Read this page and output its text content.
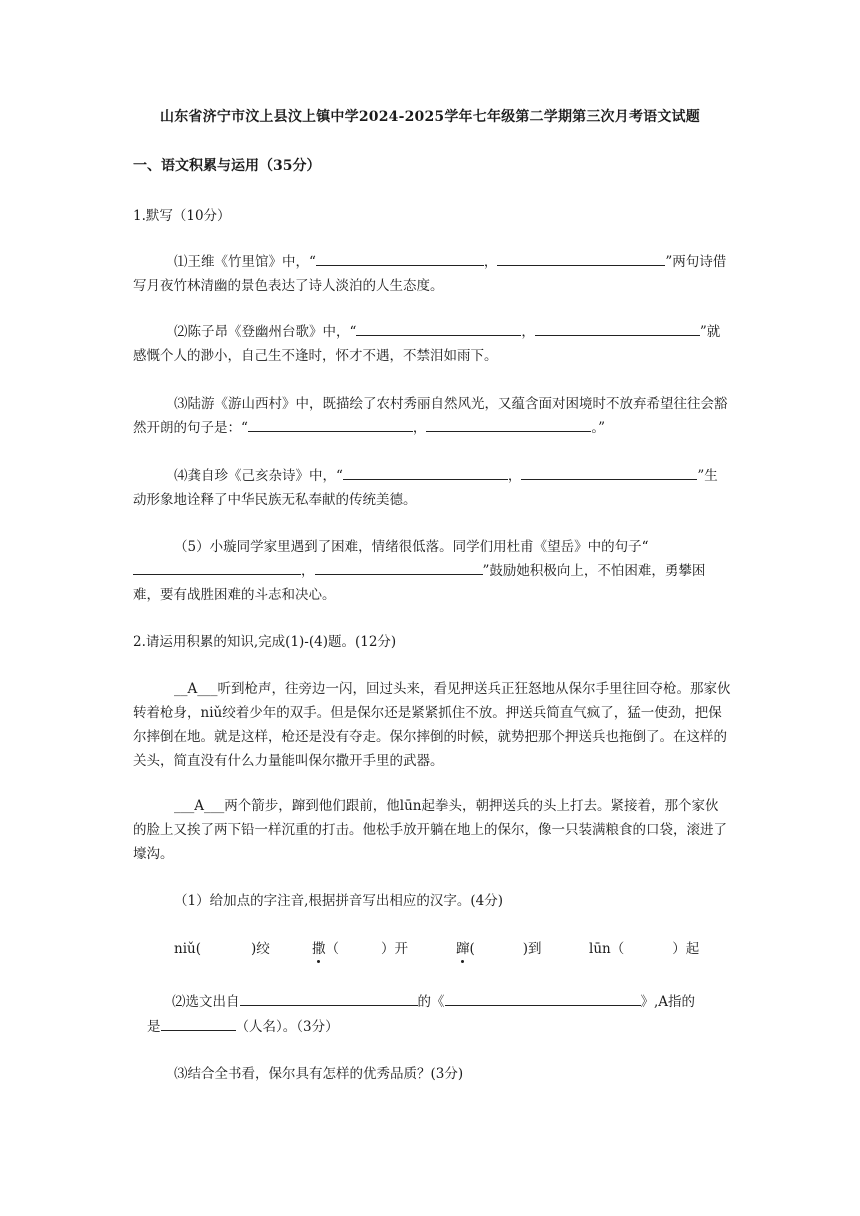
山东省济宁市汶上县汶上镇中学2024-2025学年七年级第二学期第三次月考语文试题
一、语文积累与运用（35分）
1.默写（10分）
⑴王维《竹里馆》中，“	，	”两句诗借写月夜竹林清幽的景色表达了诗人淡泊的人生态度。
⑵陈子昂《登幽州台歌》中，“	，	”就感慨个人的渺小，自己生不逢时，怀才不遇，不禁泪如雨下。
⑶陆游《游山西村》中，既描绘了农村秀丽自然风光，又蕴含面对困境时不放弃希望往往会豁然开朗的句子是：“	，	。”
⑷龚自珍《己亥杂诗》中，“	，	”生动形象地诠释了中华民族无私奉献的传统美德。
（5）小璇同学家里遇到了困难，情绪很低落。同学们用杜甫《望岳》中的句子“，	”鼓励她积极向上，不怕困难，勇攀困难，要有战胜困难的斗志和决心。
2.请运用积累的知识,完成(1)-(4)题。(12分)
__A___听到枪声，往旁边一闪，回过头来，看见押送兵正狂怒地从保尔手里往回夺枪。那家伙转着枪身，niǔ绞着少年的双手。但是保尔还是紧紧抓住不放。押送兵简直气疯了，猛一使劲，把保尔摔倒在地。就是这样，枪还是没有夺走。保尔摔倒的时候，就势把那个押送兵也拖倒了。在这样的关头，简直没有什么力量能叫保尔撒开手里的武器。
___A___两个箭步，蹿到他们跟前，他lūn起拳头，朝押送兵的头上打去。紧接着，那个家伙的脸上又挨了两下铅一样沉重的打击。他松手放开躺在地上的保尔，像一只装满粮食的口袋，滚进了壕沟。
（1）给加点的字注音,根据拼音写出相应的汉字。(4分)
niǔ(	)绞	撒（	）开	蹿(	)到	lūn（	）起
⑵选文出自	的《	》,A指的
是	（人名）。（3分）
⑶结合全书看，保尔具有怎样的优秀品质？(3分)
